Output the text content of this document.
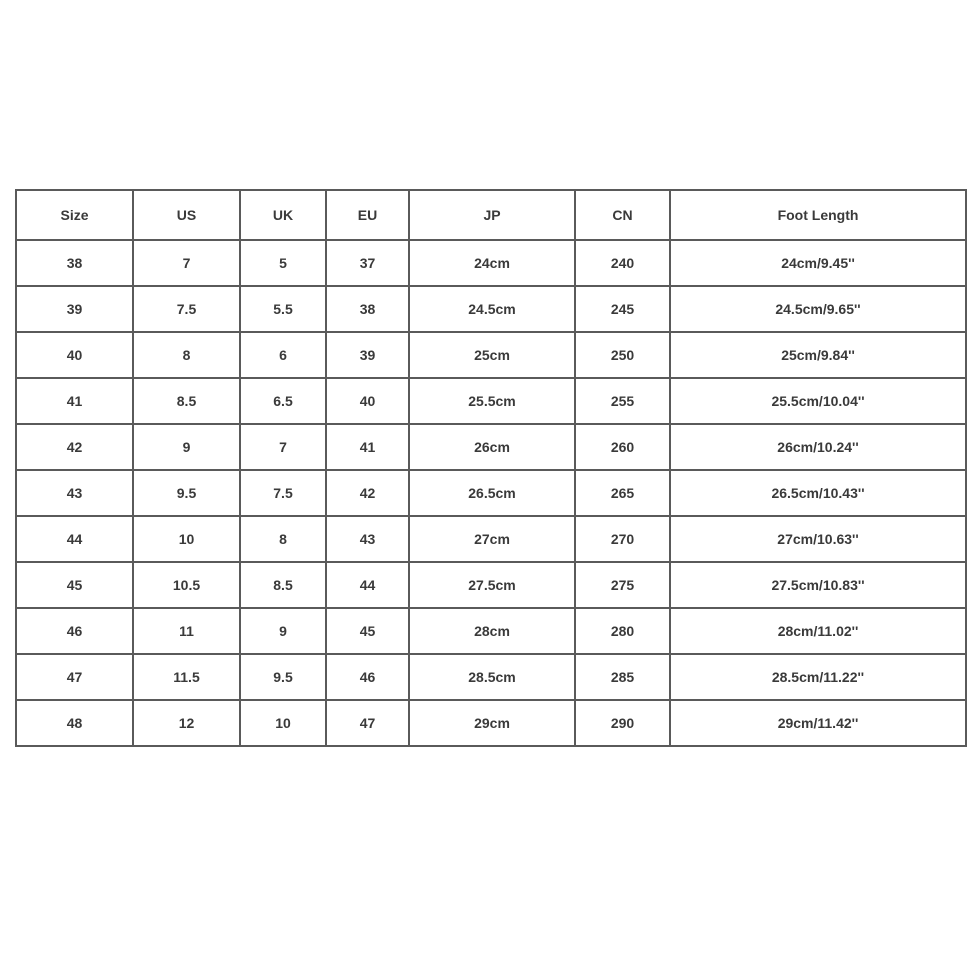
Size	US	UK	EU	JP	CN	Foot Length
38	7	5	37	24cm	240	24cm/9.45''
39	7.5	5.5	38	24.5cm	245	24.5cm/9.65''
40	8	6	39	25cm	250	25cm/9.84''
41	8.5	6.5	40	25.5cm	255	25.5cm/10.04''
42	9	7	41	26cm	260	26cm/10.24''
43	9.5	7.5	42	26.5cm	265	26.5cm/10.43''
44	10	8	43	27cm	270	27cm/10.63''
45	10.5	8.5	44	27.5cm	275	27.5cm/10.83''
46	11	9	45	28cm	280	28cm/11.02''
47	11.5	9.5	46	28.5cm	285	28.5cm/11.22''
48	12	10	47	29cm	290	29cm/11.42''
